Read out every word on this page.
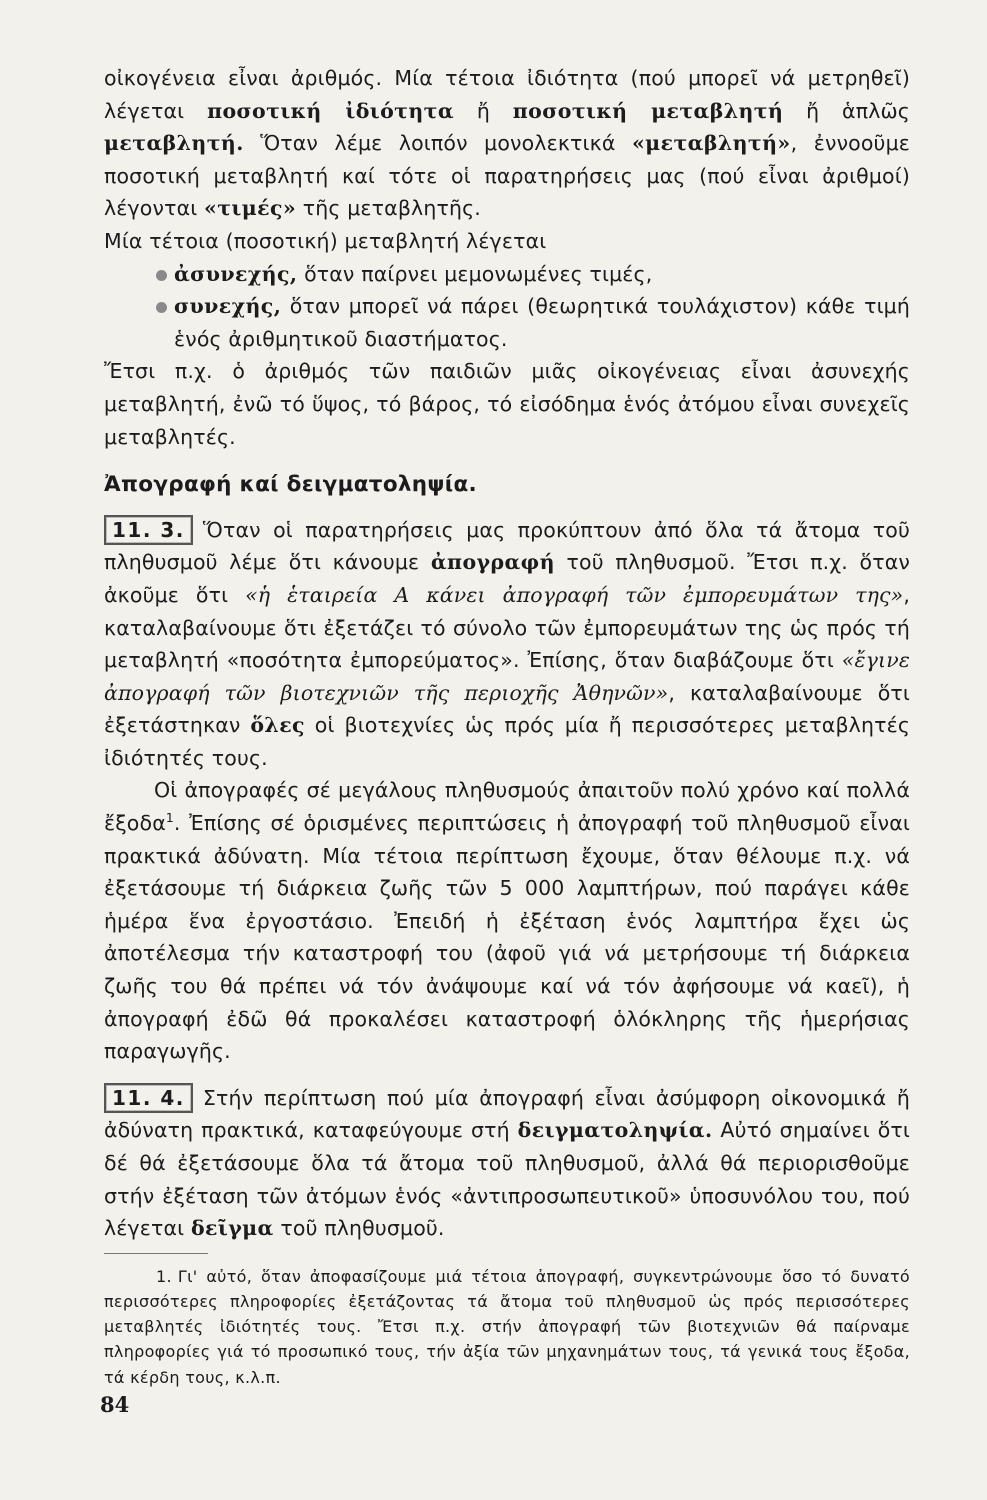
οἰκογένεια εἶναι ἀριθμός. Μία τέτοια ἰδιότητα (πού μπορεῖ νά μετρηθεῖ) λέγεται ποσοτική ἰδιότητα ἤ ποσοτική μεταβλητή ἤ ἁπλῶς μεταβλητή. Ὅταν λέμε λοιπόν μονολεκτικά «μεταβλητή», ἐννοοῦμε ποσοτική μεταβλητή καί τότε οἱ παρατηρήσεις μας (πού εἶναι ἀριθμοί) λέγονται «τιμές» τῆς μεταβλητῆς.

Μία τέτοια (ποσοτική) μεταβλητή λέγεται

ἀσυνεχής, ὅταν παίρνει μεμονωμένες τιμές,
συνεχής, ὅταν μπορεῖ νά πάρει (θεωρητικά τουλάχιστον) κάθε τιμή ἑνός ἀριθμητικοῦ διαστήματος.

Ἔτσι π.χ. ὁ ἀριθμός τῶν παιδιῶν μιᾶς οἰκογένειας εἶναι ἀσυνεχής μεταβλητή, ἐνῶ τό ὕψος, τό βάρος, τό εἰσόδημα ἑνός ἀτόμου εἶναι συνεχεῖς μεταβλητές.

Ἀπογραφή καί δειγματοληψία.

11. 3. Ὅταν οἱ παρατηρήσεις μας προκύπτουν ἀπό ὅλα τά ἄτομα τοῦ πληθυσμοῦ λέμε ὅτι κάνουμε ἀπογραφή τοῦ πληθυσμοῦ. Ἔτσι π.χ. ὅταν ἀκοῦμε ὅτι «ἡ ἑταιρεία Α κάνει ἀπογραφή τῶν ἐμπορευμάτων της», καταλαβαίνουμε ὅτι ἐξετάζει τό σύνολο τῶν ἐμπορευμάτων της ὡς πρός τή μεταβλητή «ποσότητα ἐμπορεύματος». Ἐπίσης, ὅταν διαβάζουμε ὅτι «ἔγινε ἀπογραφή τῶν βιοτεχνιῶν τῆς περιοχῆς Ἀθηνῶν», καταλαβαίνουμε ὅτι ἐξετάστηκαν ὅλες οἱ βιοτεχνίες ὡς πρός μία ἤ περισσότερες μεταβλητές ἰδιότητές τους.

Οἱ ἀπογραφές σέ μεγάλους πληθυσμούς ἀπαιτοῦν πολύ χρόνο καί πολλά ἔξοδα$^1$. Ἐπίσης σέ ὁρισμένες περιπτώσεις ἡ ἀπογραφή τοῦ πληθυσμοῦ εἶναι πρακτικά ἀδύνατη. Μία τέτοια περίπτωση ἔχουμε, ὅταν θέλουμε π.χ. νά ἐξετάσουμε τή διάρκεια ζωῆς τῶν 5 000 λαμπτήρων, πού παράγει κάθε ἡμέρα ἕνα ἐργοστάσιο. Ἐπειδή ἡ ἐξέταση ἑνός λαμπτήρα ἔχει ὡς ἀποτέλεσμα τήν καταστροφή του (ἀφοῦ γιά νά μετρήσουμε τή διάρκεια ζωῆς του θά πρέπει νά τόν ἀνάψουμε καί νά τόν ἀφήσουμε νά καεῖ), ἡ ἀπογραφή ἐδῶ θά προκαλέσει καταστροφή ὁλόκληρης τῆς ἡμερήσιας παραγωγῆς.

11. 4. Στήν περίπτωση πού μία ἀπογραφή εἶναι ἀσύμφορη οἰκονομικά ἤ ἀδύνατη πρακτικά, καταφεύγουμε στή δειγματοληψία. Αὐτό σημαίνει ὅτι δέ θά ἐξετάσουμε ὅλα τά ἄτομα τοῦ πληθυσμοῦ, ἀλλά θά περιορισθοῦμε στήν ἐξέταση τῶν ἀτόμων ἑνός «ἀντιπροσωπευτικοῦ» ὑποσυνόλου του, πού λέγεται δεῖγμα τοῦ πληθυσμοῦ.

1. Γι' αὐτό, ὅταν ἀποφασίζουμε μιά τέτοια ἀπογραφή, συγκεντρώνουμε ὅσο τό δυνατό περισσότερες πληροφορίες ἐξετάζοντας τά ἄτομα τοῦ πληθυσμοῦ ὡς πρός περισσότερες μεταβλητές ἰδιότητές τους. Ἔτσι π.χ. στήν ἀπογραφή τῶν βιοτεχνιῶν θά παίρναμε πληροφορίες γιά τό προσωπικό τους, τήν ἀξία τῶν μηχανημάτων τους, τά γενικά τους ἔξοδα, τά κέρδη τους, κ.λ.π.

84
